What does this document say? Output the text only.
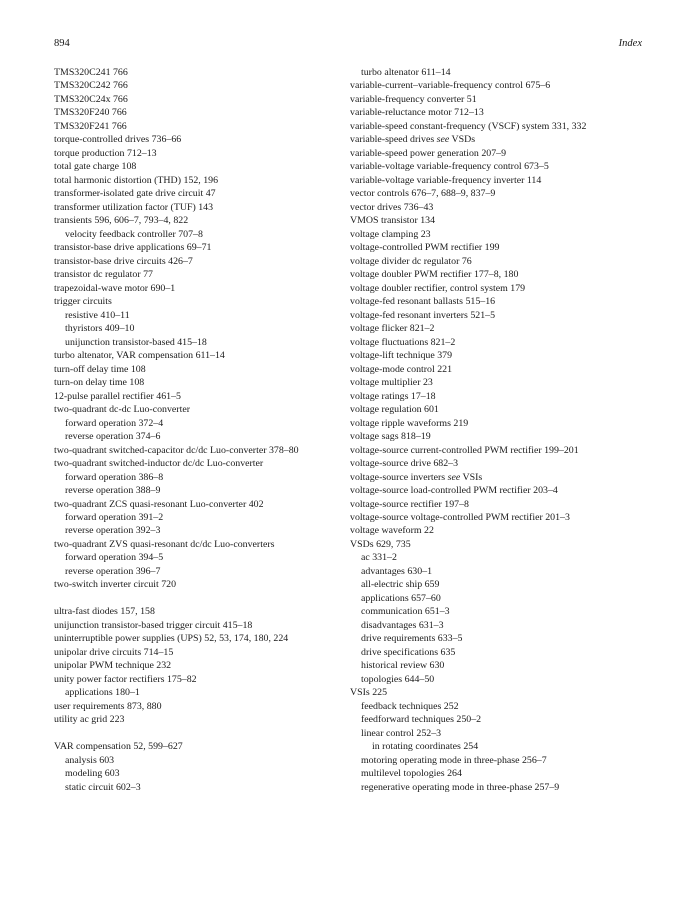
894	Index
TMS320C241 766
TMS320C242 766
TMS320C24x 766
TMS320F240 766
TMS320F241 766
torque-controlled drives 736–66
torque production 712–13
total gate charge 108
total harmonic distortion (THD) 152, 196
transformer-isolated gate drive circuit 47
transformer utilization factor (TUF) 143
transients 596, 606–7, 793–4, 822
velocity feedback controller 707–8
transistor-base drive applications 69–71
transistor-base drive circuits 426–7
transistor dc regulator 77
trapezoidal-wave motor 690–1
trigger circuits
resistive 410–11
thyristors 409–10
unijunction transistor-based 415–18
turbo altenator, VAR compensation 611–14
turn-off delay time 108
turn-on delay time 108
12-pulse parallel rectifier 461–5
two-quadrant dc-dc Luo-converter
forward operation 372–4
reverse operation 374–6
two-quadrant switched-capacitor dc/dc Luo-converter 378–80
two-quadrant switched-inductor dc/dc Luo-converter
forward operation 386–8
reverse operation 388–9
two-quadrant ZCS quasi-resonant Luo-converter 402
forward operation 391–2
reverse operation 392–3
two-quadrant ZVS quasi-resonant dc/dc Luo-converters
forward operation 394–5
reverse operation 396–7
two-switch inverter circuit 720
ultra-fast diodes 157, 158
unijunction transistor-based trigger circuit 415–18
uninterruptible power supplies (UPS) 52, 53, 174, 180, 224
unipolar drive circuits 714–15
unipolar PWM technique 232
unity power factor rectifiers 175–82
applications 180–1
user requirements 873, 880
utility ac grid 223
VAR compensation 52, 599–627
analysis 603
modeling 603
static circuit 602–3
turbo altenator 611–14
variable-current–variable-frequency control 675–6
variable-frequency converter 51
variable-reluctance motor 712–13
variable-speed constant-frequency (VSCF) system 331, 332
variable-speed drives see VSDs
variable-speed power generation 207–9
variable-voltage variable-frequency control 673–5
variable-voltage variable-frequency inverter 114
vector controls 676–7, 688–9, 837–9
vector drives 736–43
VMOS transistor 134
voltage clamping 23
voltage-controlled PWM rectifier 199
voltage divider dc regulator 76
voltage doubler PWM rectifier 177–8, 180
voltage doubler rectifier, control system 179
voltage-fed resonant ballasts 515–16
voltage-fed resonant inverters 521–5
voltage flicker 821–2
voltage fluctuations 821–2
voltage-lift technique 379
voltage-mode control 221
voltage multiplier 23
voltage ratings 17–18
voltage regulation 601
voltage ripple waveforms 219
voltage sags 818–19
voltage-source current-controlled PWM rectifier 199–201
voltage-source drive 682–3
voltage-source inverters see VSIs
voltage-source load-controlled PWM rectifier 203–4
voltage-source rectifier 197–8
voltage-source voltage-controlled PWM rectifier 201–3
voltage waveform 22
VSDs 629, 735
ac 331–2
advantages 630–1
all-electric ship 659
applications 657–60
communication 651–3
disadvantages 631–3
drive requirements 633–5
drive specifications 635
historical review 630
topologies 644–50
VSIs 225
feedback techniques 252
feedforward techniques 250–2
linear control 252–3
in rotating coordinates 254
motoring operating mode in three-phase 256–7
multilevel topologies 264
regenerative operating mode in three-phase 257–9
